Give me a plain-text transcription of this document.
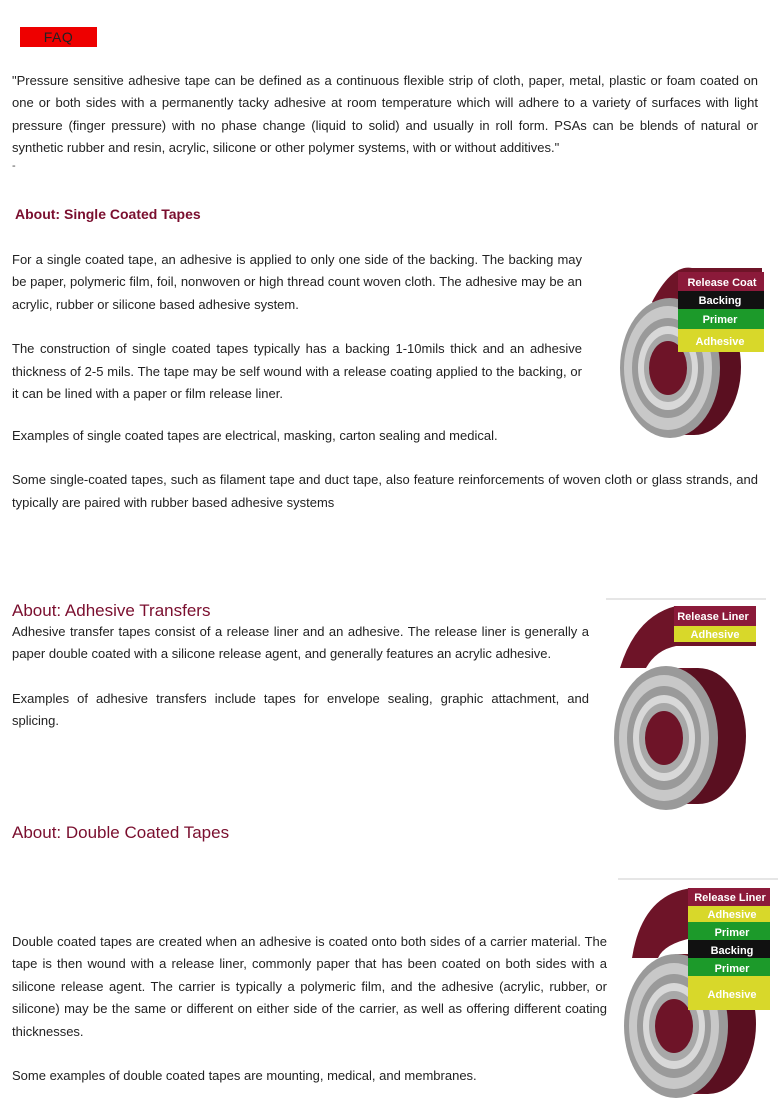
FAQ

"Pressure sensitive adhesive tape can be defined as a continuous flexible strip of cloth, paper, metal, plastic or foam coated on one or both sides with a permanently tacky adhesive at room temperature which will adhere to a variety of surfaces with light pressure (finger pressure) with no phase change (liquid to solid) and usually in roll form. PSAs can be blends of natural or synthetic rubber and resin, acrylic, silicone or other polymer systems, with or without additives."

-
About: Single Coated Tapes

For a single coated tape, an adhesive is applied to only one side of the backing. The backing may be paper, polymeric film, foil, nonwoven or high thread count woven cloth. The adhesive may be an acrylic, rubber or silicone based adhesive system.

The construction of single coated tapes typically has a backing 1-10mils thick and an adhesive thickness of 2-5 mils. The tape may be self wound with a release coating applied to the backing, or it can be lined with a paper or film release liner.

Examples of single coated tapes are electrical, masking, carton sealing and medical.

Some single-coated tapes, such as filament tape and duct tape, also feature reinforcements of woven cloth or glass strands, and typically are paired with rubber based adhesive systems

Release Coat
Backing
Primer
Adhesive
About: Adhesive Transfers

Adhesive transfer tapes consist of a release liner and an adhesive. The release liner is generally a paper double coated with a silicone release agent, and generally features an acrylic adhesive.

Examples of adhesive transfers include tapes for envelope sealing, graphic attachment, and splicing.

Release Liner
Adhesive
About: Double Coated Tapes

Double coated tapes are created when an adhesive is coated onto both sides of a carrier material. The tape is then wound with a release liner, commonly paper that has been coated on both sides with a silicone release agent. The carrier is typically a polymeric film, and the adhesive (acrylic, rubber, or silicone) may be the same or different on either side of the carrier, as well as offering different coating thicknesses.

Some examples of double coated tapes are mounting, medical, and membranes.

Release Liner
Adhesive
Primer
Backing
Primer
Adhesive
